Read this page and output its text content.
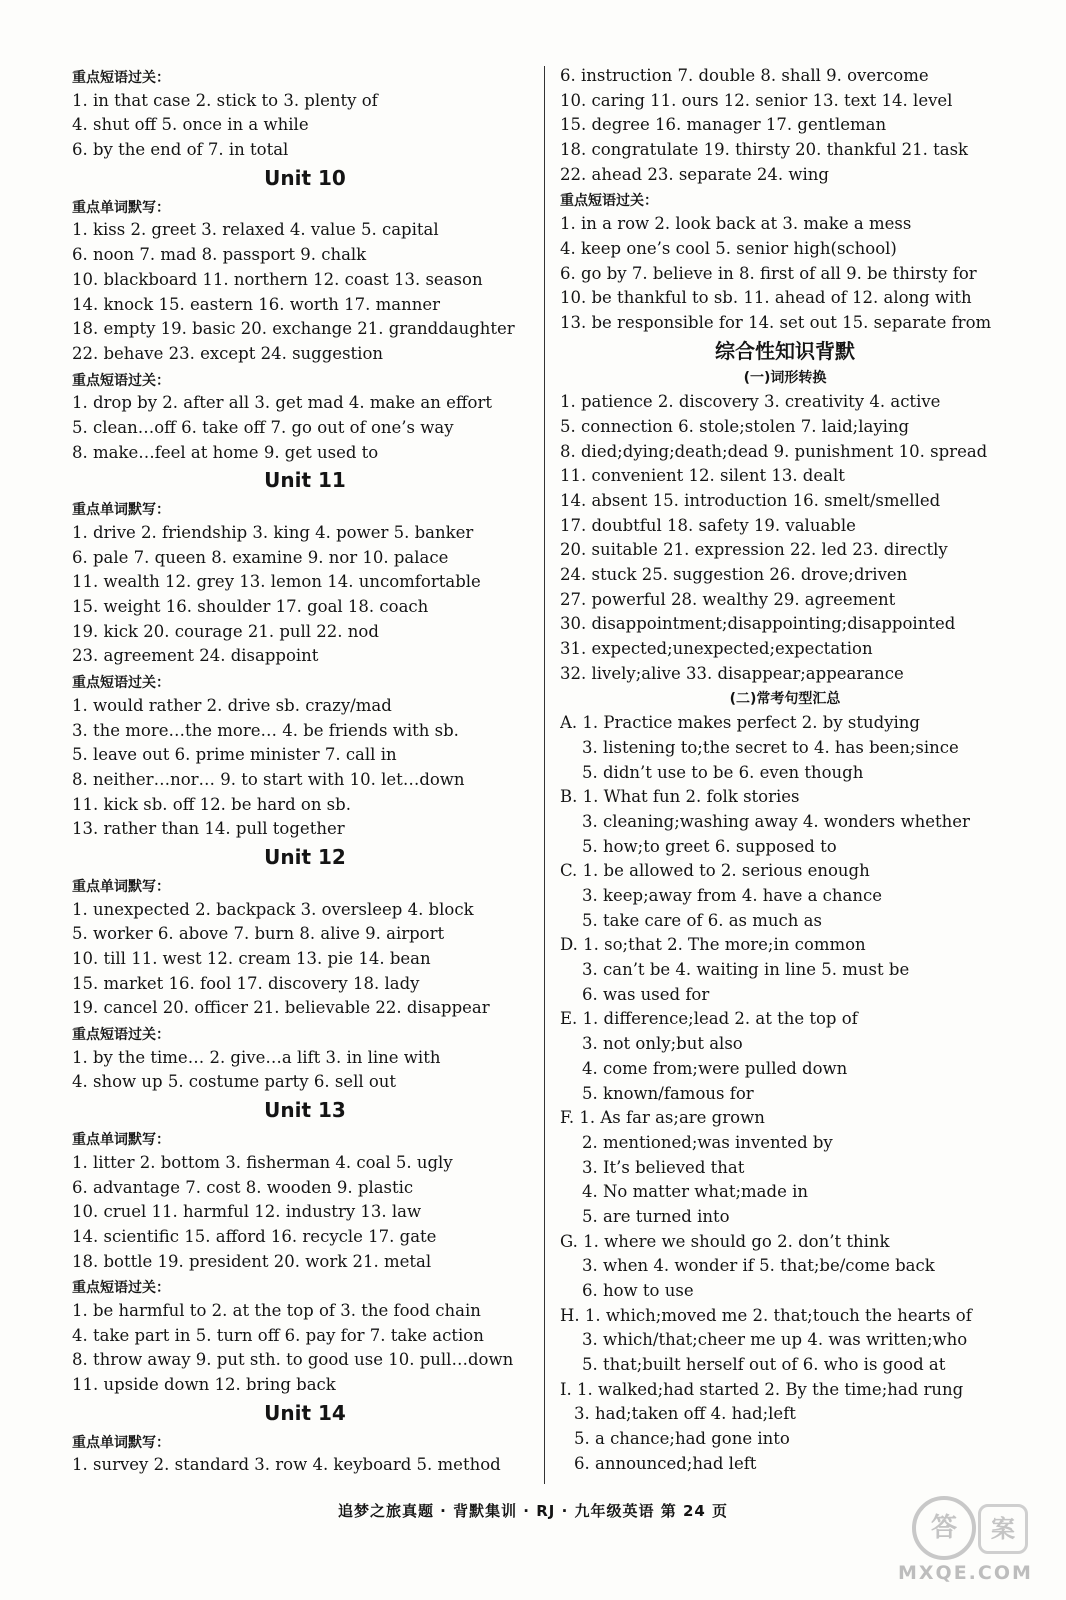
重点短语过关：
1. in that case 2. stick to 3. plenty of
4. shut off 5. once in a while
6. by the end of 7. in total
Unit 10
重点单词默写：
1. kiss 2. greet 3. relaxed 4. value 5. capital
6. noon 7. mad 8. passport 9. chalk
10. blackboard 11. northern 12. coast 13. season
14. knock 15. eastern 16. worth 17. manner
18. empty 19. basic 20. exchange 21. granddaughter
22. behave 23. except 24. suggestion
重点短语过关：
1. drop by 2. after all 3. get mad 4. make an effort
5. clean…off 6. take off 7. go out of one’s way
8. make…feel at home 9. get used to
Unit 11
重点单词默写：
1. drive 2. friendship 3. king 4. power 5. banker
6. pale 7. queen 8. examine 9. nor 10. palace
11. wealth 12. grey 13. lemon 14. uncomfortable
15. weight 16. shoulder 17. goal 18. coach
19. kick 20. courage 21. pull 22. nod
23. agreement 24. disappoint
重点短语过关：
1. would rather 2. drive sb. crazy/mad
3. the more…the more… 4. be friends with sb.
5. leave out 6. prime minister 7. call in
8. neither…nor… 9. to start with 10. let…down
11. kick sb. off 12. be hard on sb.
13. rather than 14. pull together
Unit 12
重点单词默写：
1. unexpected 2. backpack 3. oversleep 4. block
5. worker 6. above 7. burn 8. alive 9. airport
10. till 11. west 12. cream 13. pie 14. bean
15. market 16. fool 17. discovery 18. lady
19. cancel 20. officer 21. believable 22. disappear
重点短语过关：
1. by the time… 2. give…a lift 3. in line with
4. show up 5. costume party 6. sell out
Unit 13
重点单词默写：
1. litter 2. bottom 3. fisherman 4. coal 5. ugly
6. advantage 7. cost 8. wooden 9. plastic
10. cruel 11. harmful 12. industry 13. law
14. scientific 15. afford 16. recycle 17. gate
18. bottle 19. president 20. work 21. metal
重点短语过关：
1. be harmful to 2. at the top of 3. the food chain
4. take part in 5. turn off 6. pay for 7. take action
8. throw away 9. put sth. to good use 10. pull…down
11. upside down 12. bring back
Unit 14
重点单词默写：
1. survey 2. standard 3. row 4. keyboard 5. method
6. instruction 7. double 8. shall 9. overcome
10. caring 11. ours 12. senior 13. text 14. level
15. degree 16. manager 17. gentleman
18. congratulate 19. thirsty 20. thankful 21. task
22. ahead 23. separate 24. wing
重点短语过关：
1. in a row 2. look back at 3. make a mess
4. keep one’s cool 5. senior high(school)
6. go by 7. believe in 8. first of all 9. be thirsty for
10. be thankful to sb. 11. ahead of 12. along with
13. be responsible for 14. set out 15. separate from
综合性知识背默
(一)词形转换
1. patience 2. discovery 3. creativity 4. active
5. connection 6. stole;stolen 7. laid;laying
8. died;dying;death;dead 9. punishment 10. spread
11. convenient 12. silent 13. dealt
14. absent 15. introduction 16. smelt/smelled
17. doubtful 18. safety 19. valuable
20. suitable 21. expression 22. led 23. directly
24. stuck 25. suggestion 26. drove;driven
27. powerful 28. wealthy 29. agreement
30. disappointment;disappointing;disappointed
31. expected;unexpected;expectation
32. lively;alive 33. disappear;appearance
(二)常考句型汇总
A. 1. Practice makes perfect 2. by studying
3. listening to;the secret to 4. has been;since
5. didn’t use to be 6. even though
B. 1. What fun 2. folk stories
3. cleaning;washing away 4. wonders whether
5. how;to greet 6. supposed to
C. 1. be allowed to 2. serious enough
3. keep;away from 4. have a chance
5. take care of 6. as much as
D. 1. so;that 2. The more;in common
3. can’t be 4. waiting in line 5. must be
6. was used for
E. 1. difference;lead 2. at the top of
3. not only;but also
4. come from;were pulled down
5. known/famous for
F. 1. As far as;are grown
2. mentioned;was invented by
3. It’s believed that
4. No matter what;made in
5. are turned into
G. 1. where we should go 2. don’t think
3. when 4. wonder if 5. that;be/come back
6. how to use
H. 1. which;moved me 2. that;touch the hearts of
3. which/that;cheer me up 4. was written;who
5. that;built herself out of 6. who is good at
I. 1. walked;had started 2. By the time;had rung
3. had;taken off 4. had;left
5. a chance;had gone into
6. announced;had left
追梦之旅真题 · 背默集训 · RJ · 九年级英语 第 24 页
答	案
MXQE.COM
